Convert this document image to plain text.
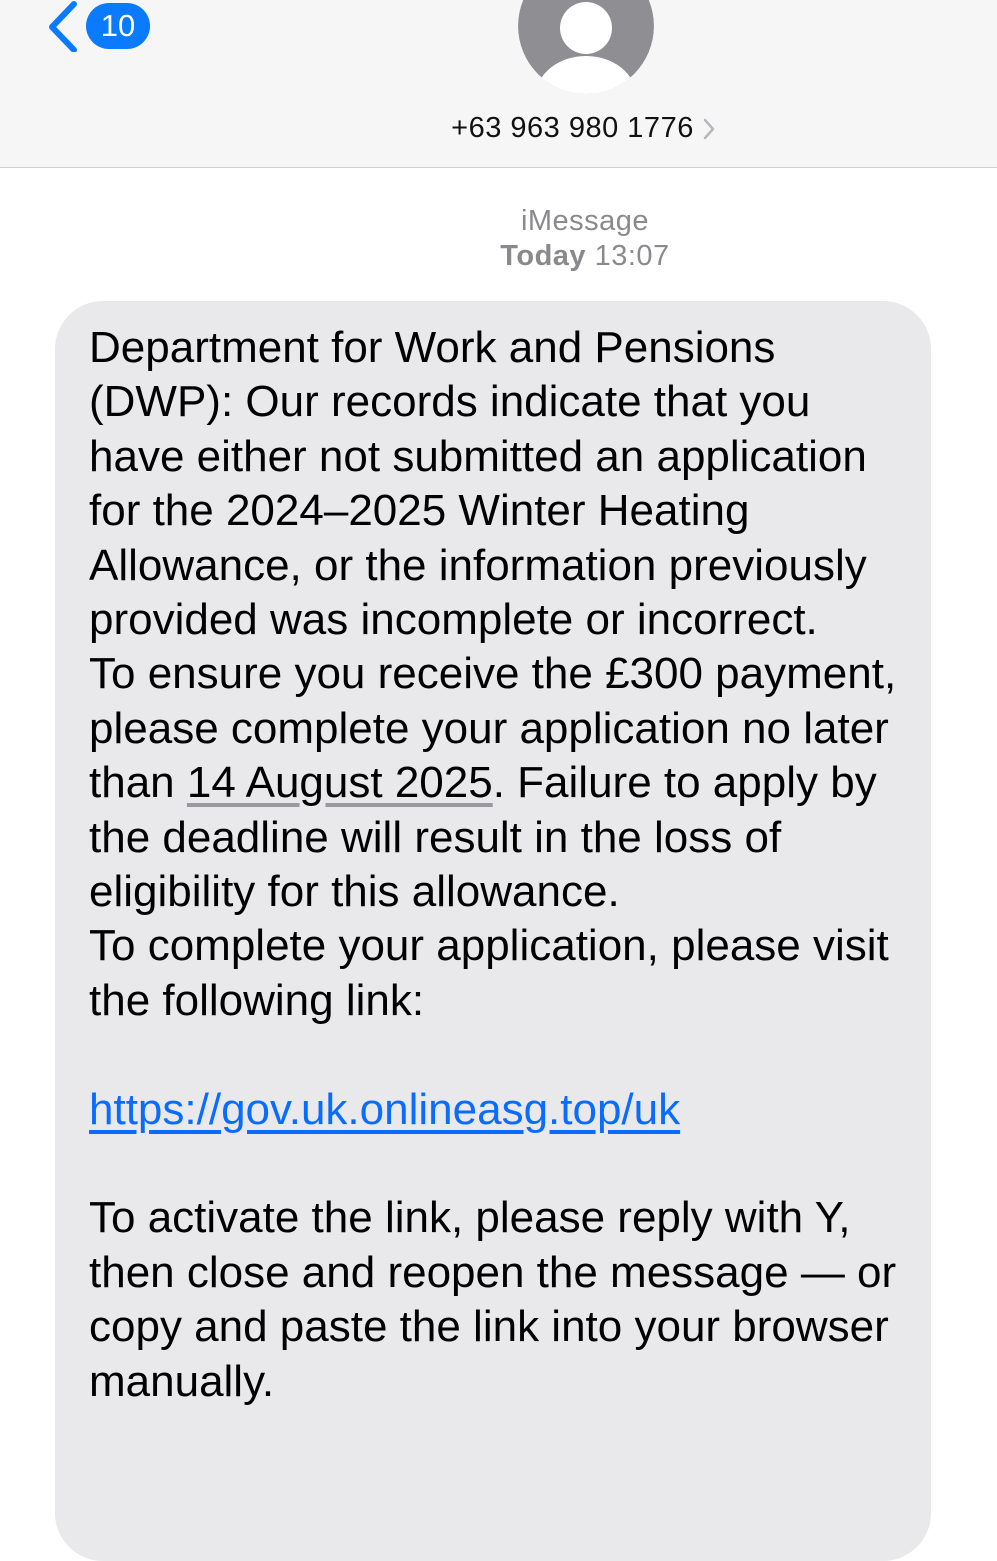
10
+63 963 980 1776
iMessage
Today 13:07
Department for Work and Pensions (DWP): Our records indicate that you have either not submitted an application for the 2024–2025 Winter Heating Allowance, or the information previously provided was incomplete or incorrect.
To ensure you receive the £300 payment, please complete your application no later than 14 August 2025. Failure to apply by the deadline will result in the loss of eligibility for this allowance.
To complete your application, please visit the following link:
https://gov.uk.onlineasg.top/uk
To activate the link, please reply with Y, then close and reopen the message — or copy and paste the link into your browser manually.
